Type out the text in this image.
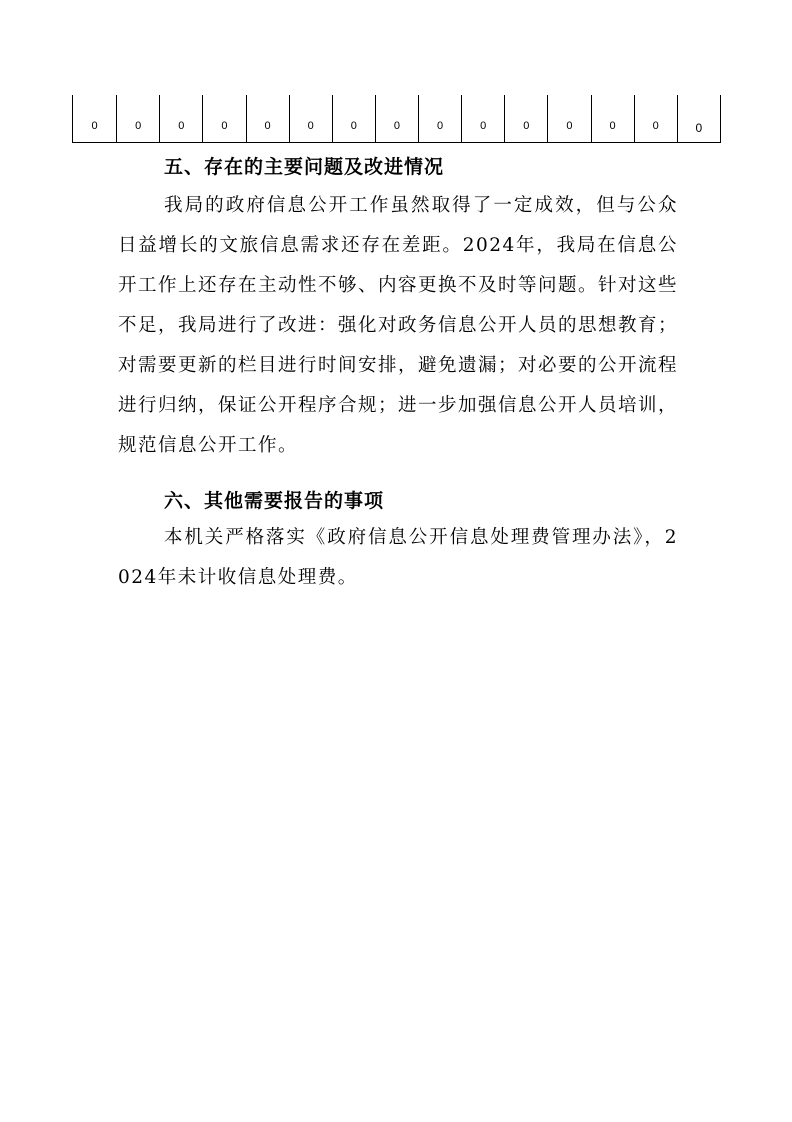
0	0	0	0	0	0	0	0	0	0	0	0	0	0	0
五、存在的主要问题及改进情况

我局的政府信息公开工作虽然取得了一定成效，但与公众日益增长的文旅信息需求还存在差距。2024年，我局在信息公开工作上还存在主动性不够、内容更换不及时等问题。针对这些不足，我局进行了改进：强化对政务信息公开人员的思想教育；对需要更新的栏目进行时间安排，避免遗漏；对必要的公开流程进行归纳，保证公开程序合规；进一步加强信息公开人员培训，规范信息公开工作。

六、其他需要报告的事项

本机关严格落实《政府信息公开信息处理费管理办法》，2024年未计收信息处理费。
